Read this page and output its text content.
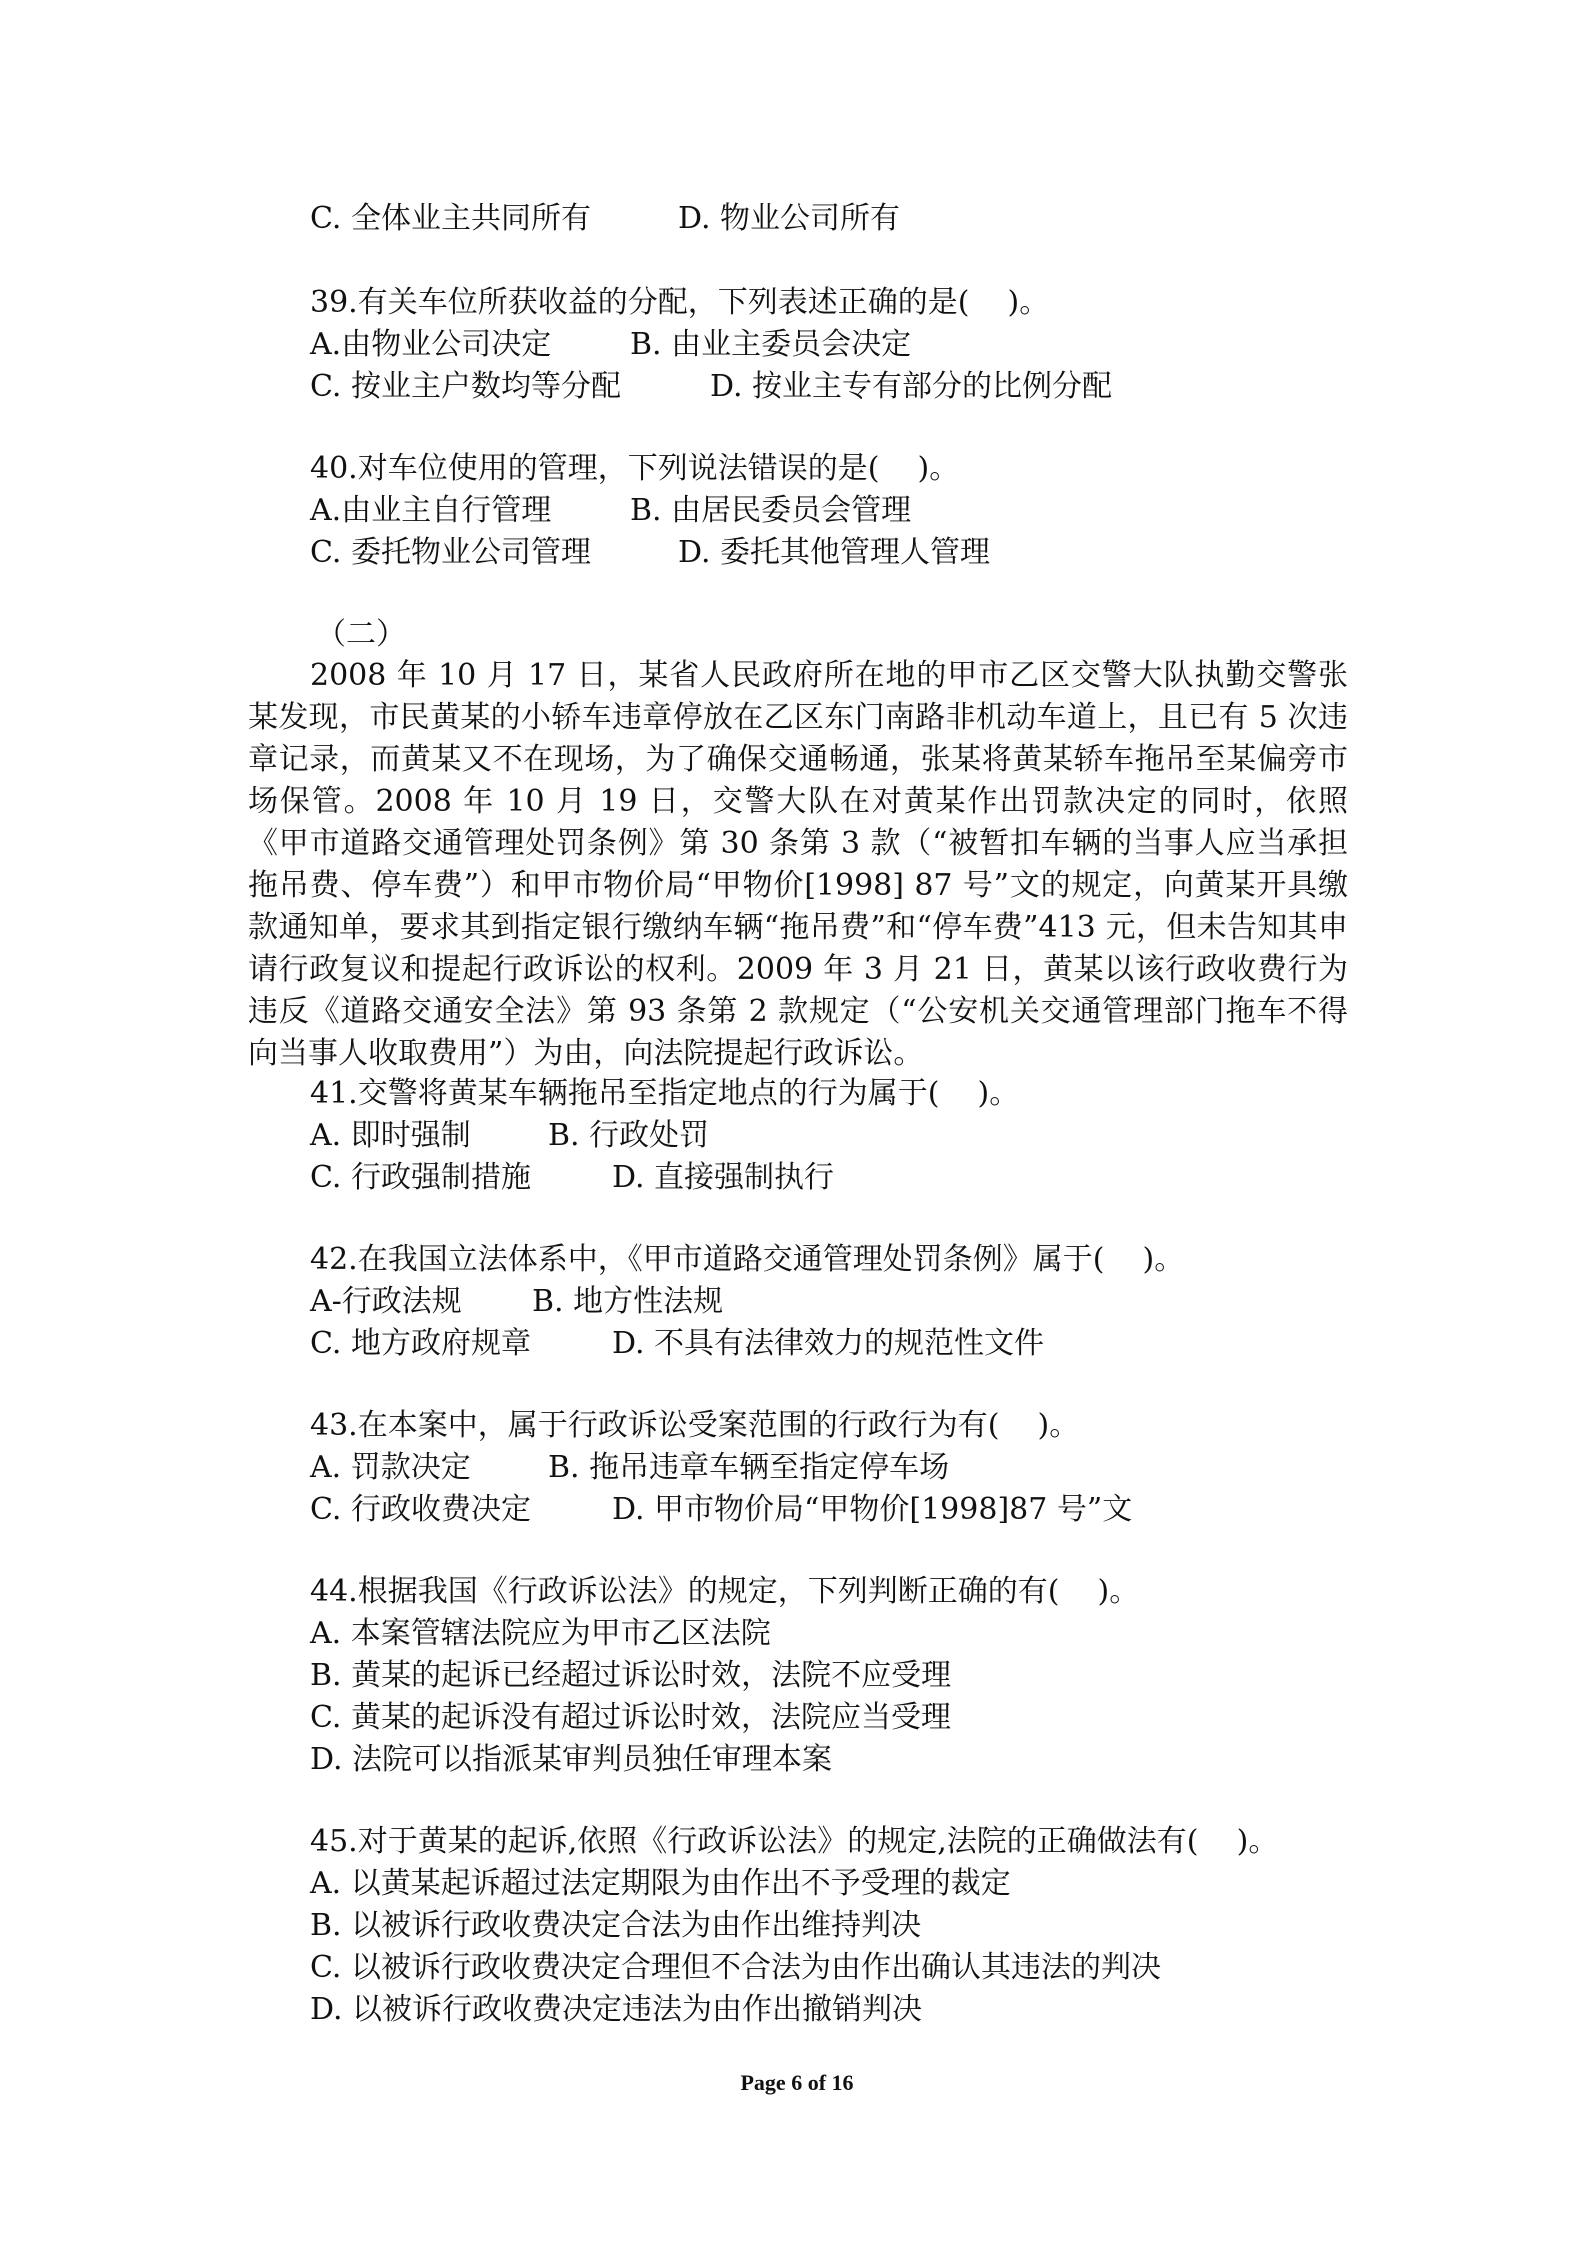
C. 全体业主共同所有	D. 物业公司所有
39.有关车位所获收益的分配，下列表述正确的是(    )。
A.由物业公司决定	B. 由业主委员会决定
C. 按业主户数均等分配	D. 按业主专有部分的比例分配
40.对车位使用的管理，下列说法错误的是(    )。
A.由业主自行管理	B. 由居民委员会管理
C. 委托物业公司管理	D. 委托其他管理人管理
（二）

2008 年 10 月 17 日，某省人民政府所在地的甲市乙区交警大队执勤交警张某发现，市民黄某的小轿车违章停放在乙区东门南路非机动车道上，且已有 5 次违章记录，而黄某又不在现场，为了确保交通畅通，张某将黄某轿车拖吊至某偏旁市场保管。2008 年 10 月 19 日，交警大队在对黄某作出罚款决定的同时，依照《甲市道路交通管理处罚条例》第 30 条第 3 款（“被暂扣车辆的当事人应当承担拖吊费、停车费”）和甲市物价局“甲物价[1998] 87 号”文的规定，向黄某开具缴款通知单，要求其到指定银行缴纳车辆“拖吊费”和“停车费”413 元，但未告知其申请行政复议和提起行政诉讼的权利。2009 年 3 月 21 日，黄某以该行政收费行为违反《道路交通安全法》第 93 条第 2 款规定（“公安机关交通管理部门拖车不得向当事人收取费用”）为由，向法院提起行政诉讼。

41.交警将黄某车辆拖吊至指定地点的行为属于(    )。
A. 即时强制	B. 行政处罚
C. 行政强制措施	D. 直接强制执行
42.在我国立法体系中，《甲市道路交通管理处罚条例》属于(    )。
A-行政法规 B. 地方性法规
C. 地方政府规章	D. 不具有法律效力的规范性文件
43.在本案中，属于行政诉讼受案范围的行政行为有(    )。
A. 罚款决定	B. 拖吊违章车辆至指定停车场
C. 行政收费决定	D. 甲市物价局“甲物价[1998]87 号”文
44.根据我国《行政诉讼法》的规定，下列判断正确的有(    )。
A. 本案管辖法院应为甲市乙区法院
B. 黄某的起诉已经超过诉讼时效，法院不应受理
C. 黄某的起诉没有超过诉讼时效，法院应当受理
D. 法院可以指派某审判员独任审理本案
45.对于黄某的起诉,依照《行政诉讼法》的规定,法院的正确做法有(    )。
A. 以黄某起诉超过法定期限为由作出不予受理的裁定
B. 以被诉行政收费决定合法为由作出维持判决
C. 以被诉行政收费决定合理但不合法为由作出确认其违法的判决
D. 以被诉行政收费决定违法为由作出撤销判决
Page 6 of 16
